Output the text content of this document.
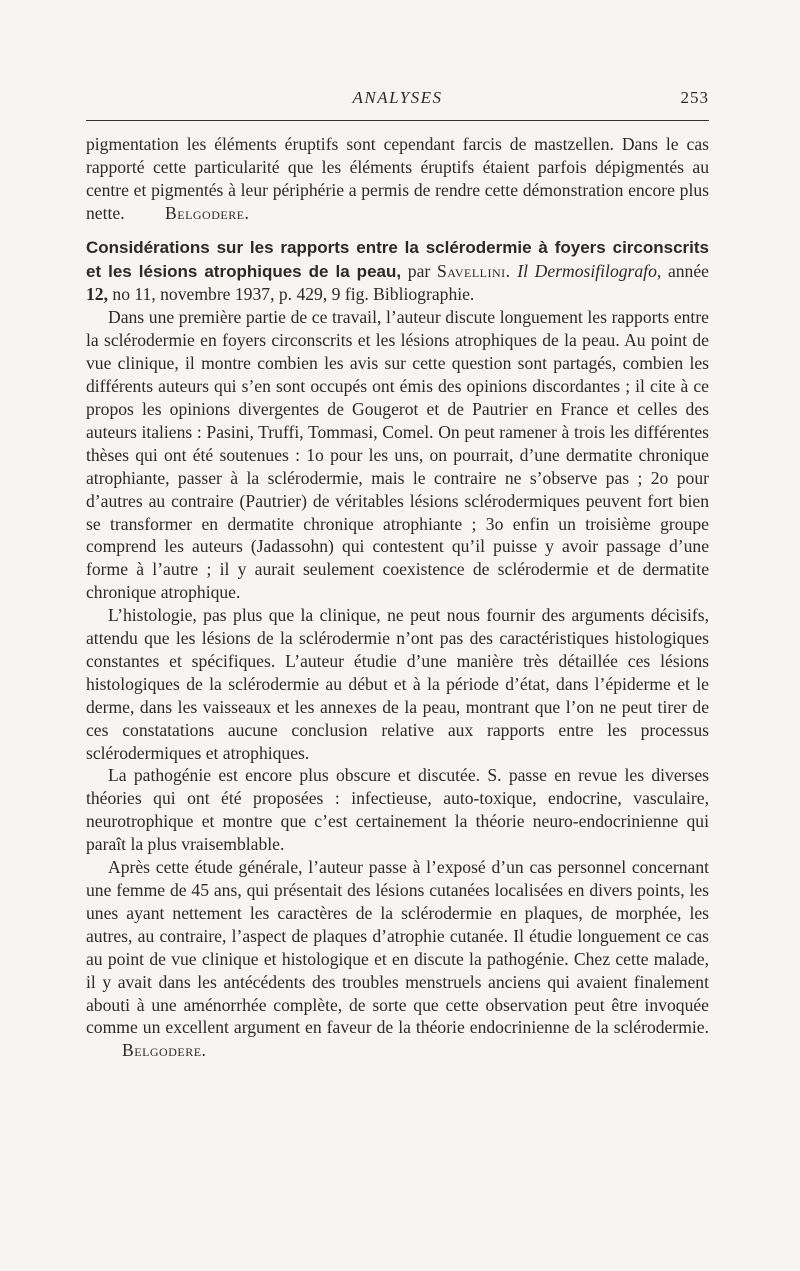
ANALYSES	253

pigmentation les éléments éruptifs sont cependant farcis de mastzellen. Dans le cas rapporté cette particularité que les éléments éruptifs étaient parfois dépigmentés au centre et pigmentés à leur périphérie a permis de rendre cette démonstration encore plus nette. Belgodere.

Considérations sur les rapports entre la sclérodermie à foyers circonscrits et les lésions atrophiques de la peau, par Savellini. Il Dermosifilografo, année 12, no 11, novembre 1937, p. 429, 9 fig. Bibliographie.

Dans une première partie de ce travail, l’auteur discute longuement les rapports entre la sclérodermie en foyers circonscrits et les lésions atrophiques de la peau. Au point de vue clinique, il montre combien les avis sur cette question sont partagés, combien les différents auteurs qui s’en sont occupés ont émis des opinions discordantes ; il cite à ce propos les opinions divergentes de Gougerot et de Pautrier en France et celles des auteurs italiens : Pasini, Truffi, Tommasi, Comel. On peut ramener à trois les différentes thèses qui ont été soutenues : 1o pour les uns, on pourrait, d’une dermatite chronique atrophiante, passer à la sclérodermie, mais le contraire ne s’observe pas ; 2o pour d’autres au contraire (Pautrier) de véritables lésions sclérodermiques peuvent fort bien se transformer en dermatite chronique atrophiante ; 3o enfin un troisième groupe comprend les auteurs (Jadassohn) qui contestent qu’il puisse y avoir passage d’une forme à l’autre ; il y aurait seulement coexistence de sclérodermie et de dermatite chronique atrophique.

L’histologie, pas plus que la clinique, ne peut nous fournir des arguments décisifs, attendu que les lésions de la sclérodermie n’ont pas des caractéristiques histologiques constantes et spécifiques. L’auteur étudie d’une manière très détaillée ces lésions histologiques de la sclérodermie au début et à la période d’état, dans l’épiderme et le derme, dans les vaisseaux et les annexes de la peau, montrant que l’on ne peut tirer de ces constatations aucune conclusion relative aux rapports entre les processus sclérodermiques et atrophiques.

La pathogénie est encore plus obscure et discutée. S. passe en revue les diverses théories qui ont été proposées : infectieuse, auto-toxique, endocrine, vasculaire, neurotrophique et montre que c’est certainement la théorie neuro-endocrinienne qui paraît la plus vraisemblable.

Après cette étude générale, l’auteur passe à l’exposé d’un cas personnel concernant une femme de 45 ans, qui présentait des lésions cutanées localisées en divers points, les unes ayant nettement les caractères de la sclérodermie en plaques, de morphée, les autres, au contraire, l’aspect de plaques d’atrophie cutanée. Il étudie longuement ce cas au point de vue clinique et histologique et en discute la pathogénie. Chez cette malade, il y avait dans les antécédents des troubles menstruels anciens qui avaient finalement abouti à une aménorrhée complète, de sorte que cette observation peut être invoquée comme un excellent argument en faveur de la théorie endocrinienne de la sclérodermie. Belgodere.
